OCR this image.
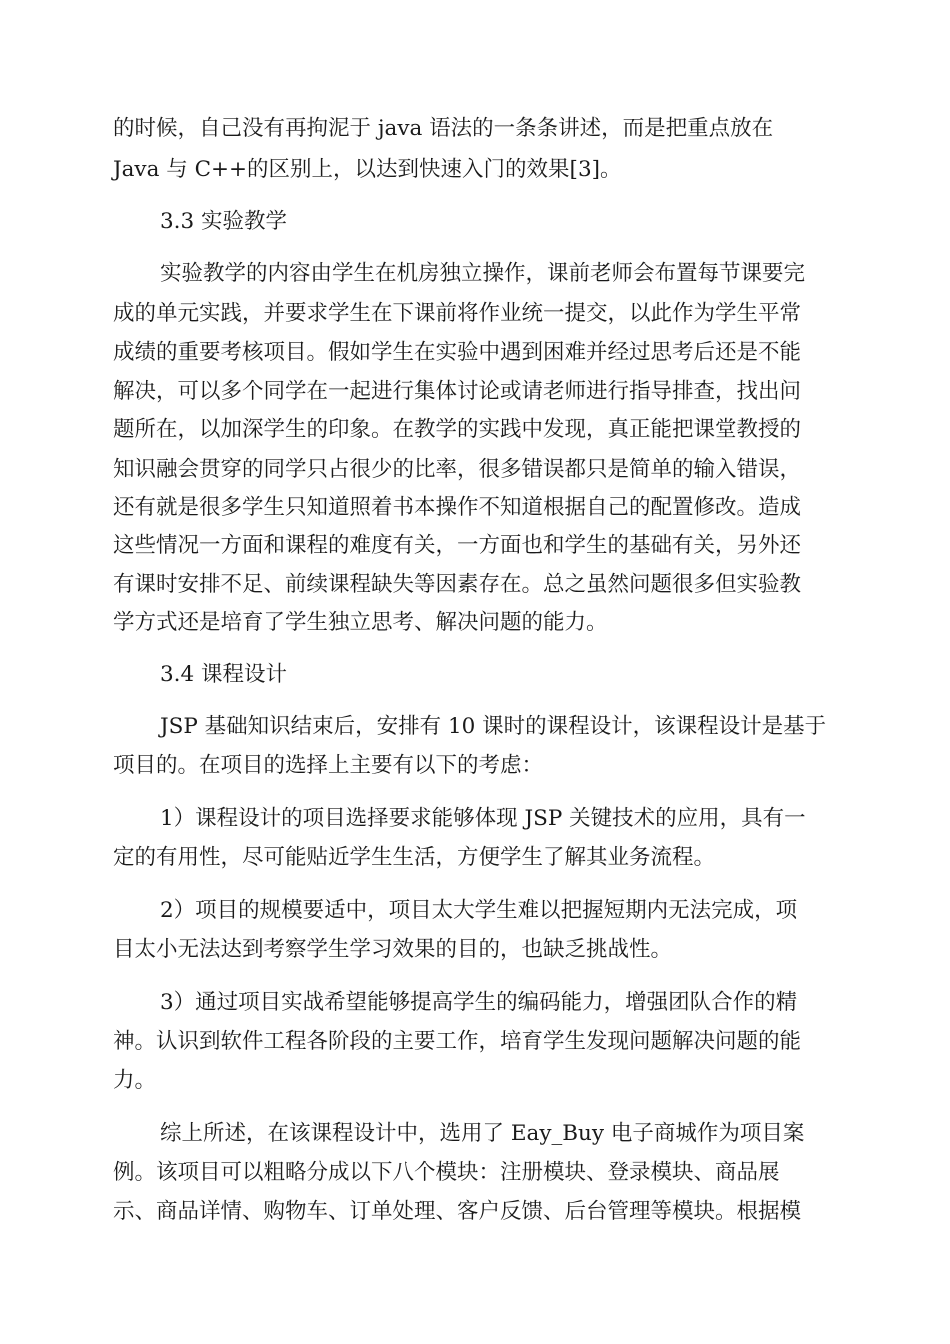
的时候，自己没有再拘泥于 java 语法的一条条讲述，而是把重点放在
Java 与 C++的区别上，以达到快速入门的效果[3]。
3.3 实验教学
实验教学的内容由学生在机房独立操作，课前老师会布置每节课要完
成的单元实践，并要求学生在下课前将作业统一提交，以此作为学生平常
成绩的重要考核项目。假如学生在实验中遇到困难并经过思考后还是不能
解决，可以多个同学在一起进行集体讨论或请老师进行指导排查，找出问
题所在，以加深学生的印象。在教学的实践中发现，真正能把课堂教授的
知识融会贯穿的同学只占很少的比率，很多错误都只是简单的输入错误，
还有就是很多学生只知道照着书本操作不知道根据自己的配置修改。造成
这些情况一方面和课程的难度有关，一方面也和学生的基础有关，另外还
有课时安排不足、前续课程缺失等因素存在。总之虽然问题很多但实验教
学方式还是培育了学生独立思考、解决问题的能力。
3.4 课程设计
JSP 基础知识结束后，安排有 10 课时的课程设计，该课程设计是基于
项目的。在项目的选择上主要有以下的考虑：
1）课程设计的项目选择要求能够体现 JSP 关键技术的应用，具有一
定的有用性，尽可能贴近学生生活，方便学生了解其业务流程。
2）项目的规模要适中，项目太大学生难以把握短期内无法完成，项
目太小无法达到考察学生学习效果的目的，也缺乏挑战性。
3）通过项目实战希望能够提高学生的编码能力，增强团队合作的精
神。认识到软件工程各阶段的主要工作，培育学生发现问题解决问题的能
力。
综上所述，在该课程设计中，选用了 Eay_Buy 电子商城作为项目案
例。该项目可以粗略分成以下八个模块：注册模块、登录模块、商品展
示、商品详情、购物车、订单处理、客户反馈、后台管理等模块。根据模
